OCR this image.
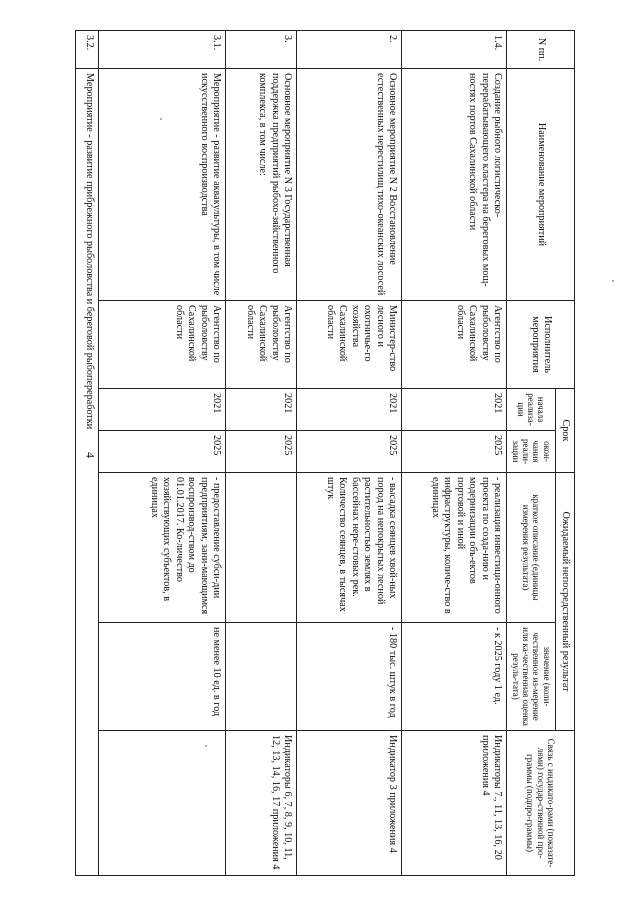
4
N пп.	Наименование мероприятий	Исполнитель мероприятия	Срок		Ожидаемый непосредственный результат		Связь с индикато-рами (показате-лями) государ-ственной про-граммы (подпро-граммы)
			начала реализа-ции	окон-чания реали-зации	краткое описание (единицы измерения результата)	значение (коли-чественное из-мерение или ка-чественная оценка резуль-тата)	
1.4.	Создание рыбного логистическо-перерабатывающего кластера на береговых мощ-ностях портов Сахалинской области	Агентство по рыболовству Сахалинской области	2021	2025	- реализация инвестици-онного проекта по созда-нию и модернизации объ-ектов портовой и иной инфраструктуры, количе-ство в единицах	- к 2025 году 1 ед.	Индикаторы 7., 11, 13, 16, 20 приложения 4
2.	Основное мероприятие N 2 Восстановление естественных нерестилищ тихо-океанских лососей	Министер-ство лесного и охотничье-го хозяйства Сахалинской области	2021	2025	- высадка сеянцев хвой-ных пород на непокрытых лесной растительностью землях в бассейнах нере-стовых рек. Количество сеянцев, в тысячах штук	- 180 тыс. штук в год	Индикатор 3 приложения 4
3.	Основное мероприятие N 3 Государственная поддержка предприятий рыбохо-зяйственного комплекса, в том числе:	Агентство по рыболовству Сахалинской области	2021	2025			Индикаторы 6, 7, 8, 9, 10, 11, 12, 13, 14, 16, 17 приложения 4
3.1.	Мероприятие - развитие аквакультуры, в том числе искусственного воспроизводства	Агентство по рыболовству Сахалинской области	2021	2025	- предоставление субси-дии предприятиям, зани-мающимся воспроизвод-ством до 01.01.2017. Ко-личество хозяйствующих субъектов, в единицах	не менее 10 ед. в год	
3.2.	Мероприятие - развитие прибрежного рыболовства и береговой рыбопереработки						
